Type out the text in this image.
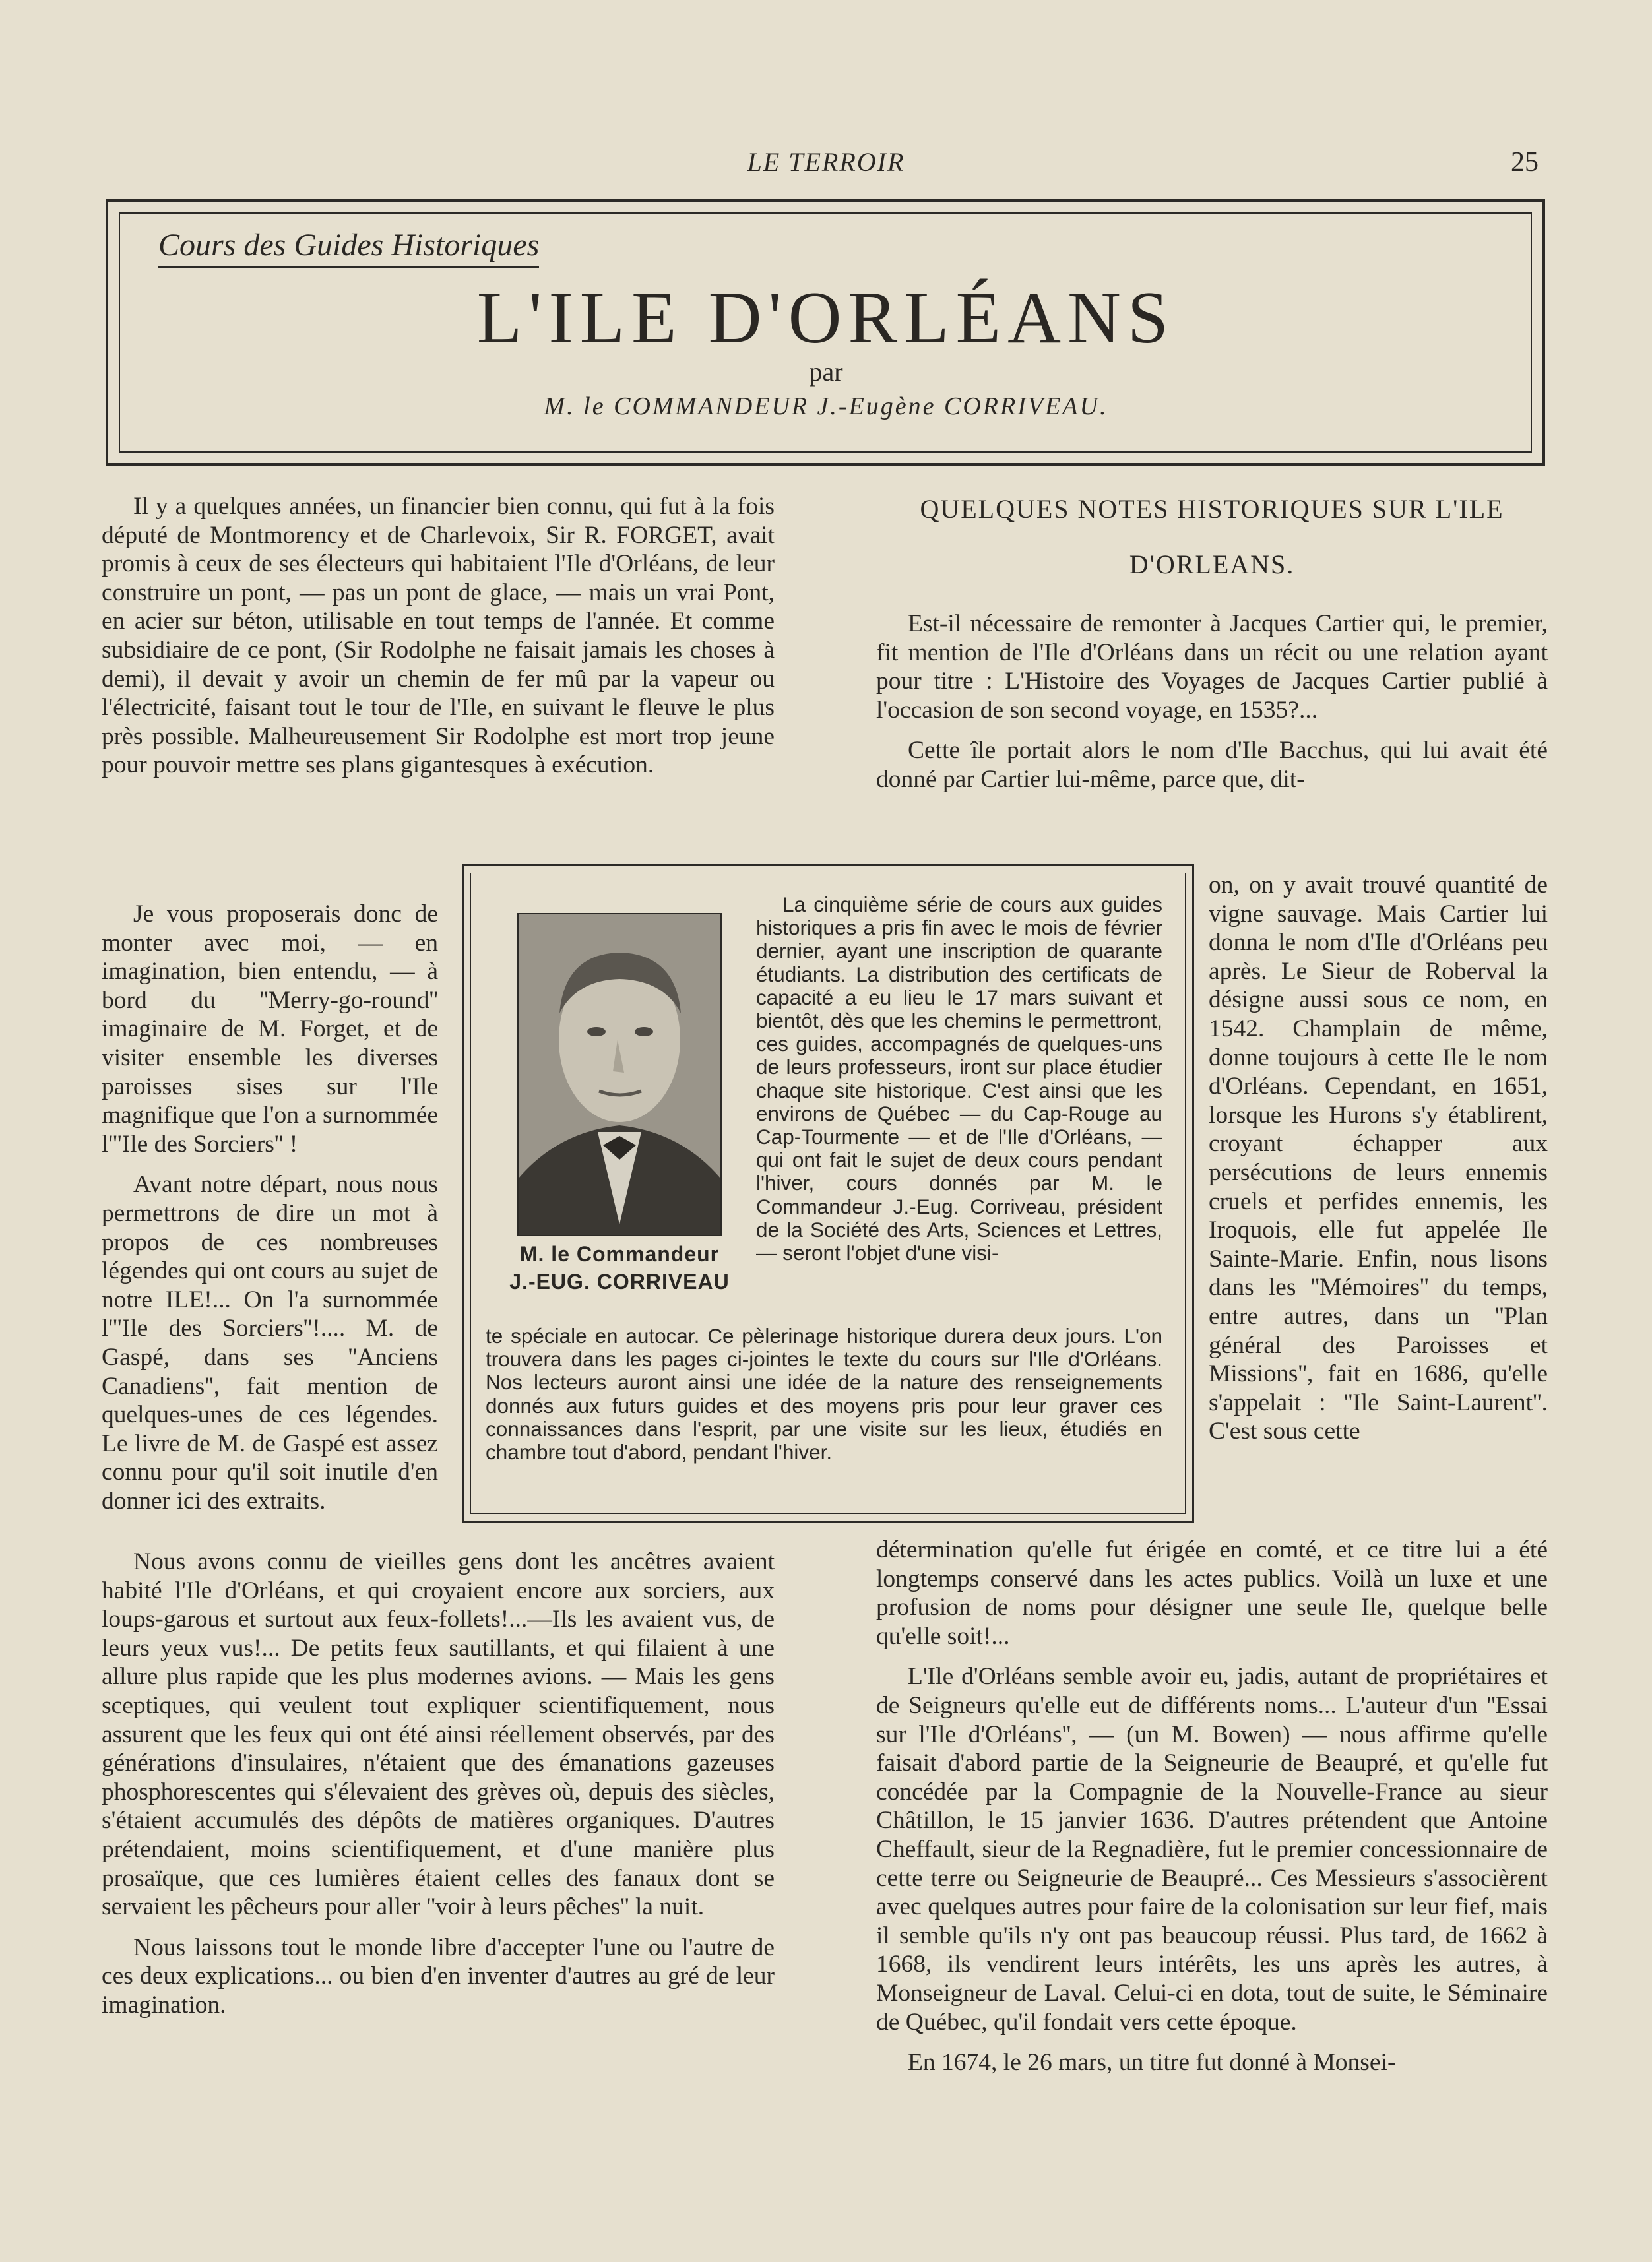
LE TERROIR	25
Cours des Guides Historiques
L'ILE D'ORLÉANS
par
M. le COMMANDEUR J.-Eugène CORRIVEAU.

Il y a quelques années, un financier bien connu, qui fut à la fois député de Montmorency et de Charlevoix, Sir R. FORGET, avait promis à ceux de ses électeurs qui habitaient l'Ile d'Orléans, de leur construire un pont, — pas un pont de glace, — mais un vrai Pont, en acier sur béton, utilisable en tout temps de l'année. Et comme subsidiaire de ce pont, (Sir Rodolphe ne faisait jamais les choses à demi), il devait y avoir un chemin de fer mû par la vapeur ou l'électricité, faisant tout le tour de l'Ile, en suivant le fleuve le plus près possible. Malheureusement Sir Rodolphe est mort trop jeune pour pouvoir mettre ses plans gigantesques à exécution.

Je vous proposerais donc de monter avec moi, — en imagination, bien entendu, — à bord du ''Merry-go-round'' imaginaire de M. Forget, et de visiter ensemble les diverses paroisses sises sur l'Ile magnifique que l'on a surnommée l'''Ile des Sorciers'' !

Avant notre départ, nous nous permettrons de dire un mot à propos de ces nombreuses légendes qui ont cours au sujet de notre ILE!... On l'a surnommée l'''Ile des Sorciers''!.... M. de Gaspé, dans ses ''Anciens Canadiens'', fait mention de quelques-unes de ces légendes. Le livre de M. de Gaspé est assez connu pour qu'il soit inutile d'en donner ici des extraits.

Nous avons connu de vieilles gens dont les ancêtres avaient habité l'Ile d'Orléans, et qui croyaient encore aux sorciers, aux loups-garous et surtout aux feux-follets!...—Ils les avaient vus, de leurs yeux vus!... De petits feux sautillants, et qui filaient à une allure plus rapide que les plus modernes avions. — Mais les gens sceptiques, qui veulent tout expliquer scientifiquement, nous assurent que les feux qui ont été ainsi réellement observés, par des générations d'insulaires, n'étaient que des émanations gazeuses phosphorescentes qui s'élevaient des grèves où, depuis des siècles, s'étaient accumulés des dépôts de matières organiques. D'autres prétendaient, moins scientifiquement, et d'une manière plus prosaïque, que ces lumières étaient celles des fanaux dont se servaient les pêcheurs pour aller ''voir à leurs pêches'' la nuit.

Nous laissons tout le monde libre d'accepter l'une ou l'autre de ces deux explications... ou bien d'en inventer d'autres au gré de leur imagination.

QUELQUES NOTES HISTORIQUES SUR L'ILE
D'ORLEANS.

Est-il nécessaire de remonter à Jacques Cartier qui, le premier, fit mention de l'Ile d'Orléans dans un récit ou une relation ayant pour titre : L'Histoire des Voyages de Jacques Cartier publié à l'occasion de son second voyage, en 1535?...

Cette île portait alors le nom d'Ile Bacchus, qui lui avait été donné par Cartier lui-même, parce que, dit-

on, on y avait trouvé quantité de vigne sauvage. Mais Cartier lui donna le nom d'Ile d'Orléans peu après. Le Sieur de Roberval la désigne aussi sous ce nom, en 1542. Champlain de même, donne toujours à cette Ile le nom d'Orléans. Cependant, en 1651, lorsque les Hurons s'y établirent, croyant échapper aux persécutions de leurs ennemis cruels et perfides ennemis, les Iroquois, elle fut appelée Ile Sainte-Marie. Enfin, nous lisons dans les ''Mémoires'' du temps, entre autres, dans un ''Plan général des Paroisses et Missions'', fait en 1686, qu'elle s'appelait : ''Ile Saint-Laurent''. C'est sous cette

détermination qu'elle fut érigée en comté, et ce titre lui a été longtemps conservé dans les actes publics. Voilà un luxe et une profusion de noms pour désigner une seule Ile, quelque belle qu'elle soit!...

L'Ile d'Orléans semble avoir eu, jadis, autant de propriétaires et de Seigneurs qu'elle eut de différents noms... L'auteur d'un ''Essai sur l'Ile d'Orléans'', — (un M. Bowen) — nous affirme qu'elle faisait d'abord partie de la Seigneurie de Beaupré, et qu'elle fut concédée par la Compagnie de la Nouvelle-France au sieur Châtillon, le 15 janvier 1636. D'autres prétendent que Antoine Cheffault, sieur de la Regnadière, fut le premier concessionnaire de cette terre ou Seigneurie de Beaupré... Ces Messieurs s'associèrent avec quelques autres pour faire de la colonisation sur leur fief, mais il semble qu'ils n'y ont pas beaucoup réussi. Plus tard, de 1662 à 1668, ils vendirent leurs intérêts, les uns après les autres, à Monseigneur de Laval. Celui-ci en dota, tout de suite, le Séminaire de Québec, qu'il fondait vers cette époque.

En 1674, le 26 mars, un titre fut donné à Monsei-

M. le Commandeur
J.-EUG. CORRIVEAU

La cinquième série de cours aux guides historiques a pris fin avec le mois de février dernier, ayant une inscription de quarante étudiants. La distribution des certificats de capacité a eu lieu le 17 mars suivant et bientôt, dès que les chemins le permettront, ces guides, accompagnés de quelques-uns de leurs professeurs, iront sur place étudier chaque site historique. C'est ainsi que les environs de Québec — du Cap-Rouge au Cap-Tourmente — et de l'Ile d'Orléans, — qui ont fait le sujet de deux cours pendant l'hiver, cours donnés par M. le Commandeur J.-Eug. Corriveau, président de la Société des Arts, Sciences et Lettres, — seront l'objet d'une visi-

te spéciale en autocar. Ce pèlerinage historique durera deux jours. L'on trouvera dans les pages ci-jointes le texte du cours sur l'Ile d'Orléans. Nos lecteurs auront ainsi une idée de la nature des renseignements donnés aux futurs guides et des moyens pris pour leur graver ces connaissances dans l'esprit, par une visite sur les lieux, étudiés en chambre tout d'abord, pendant l'hiver.
